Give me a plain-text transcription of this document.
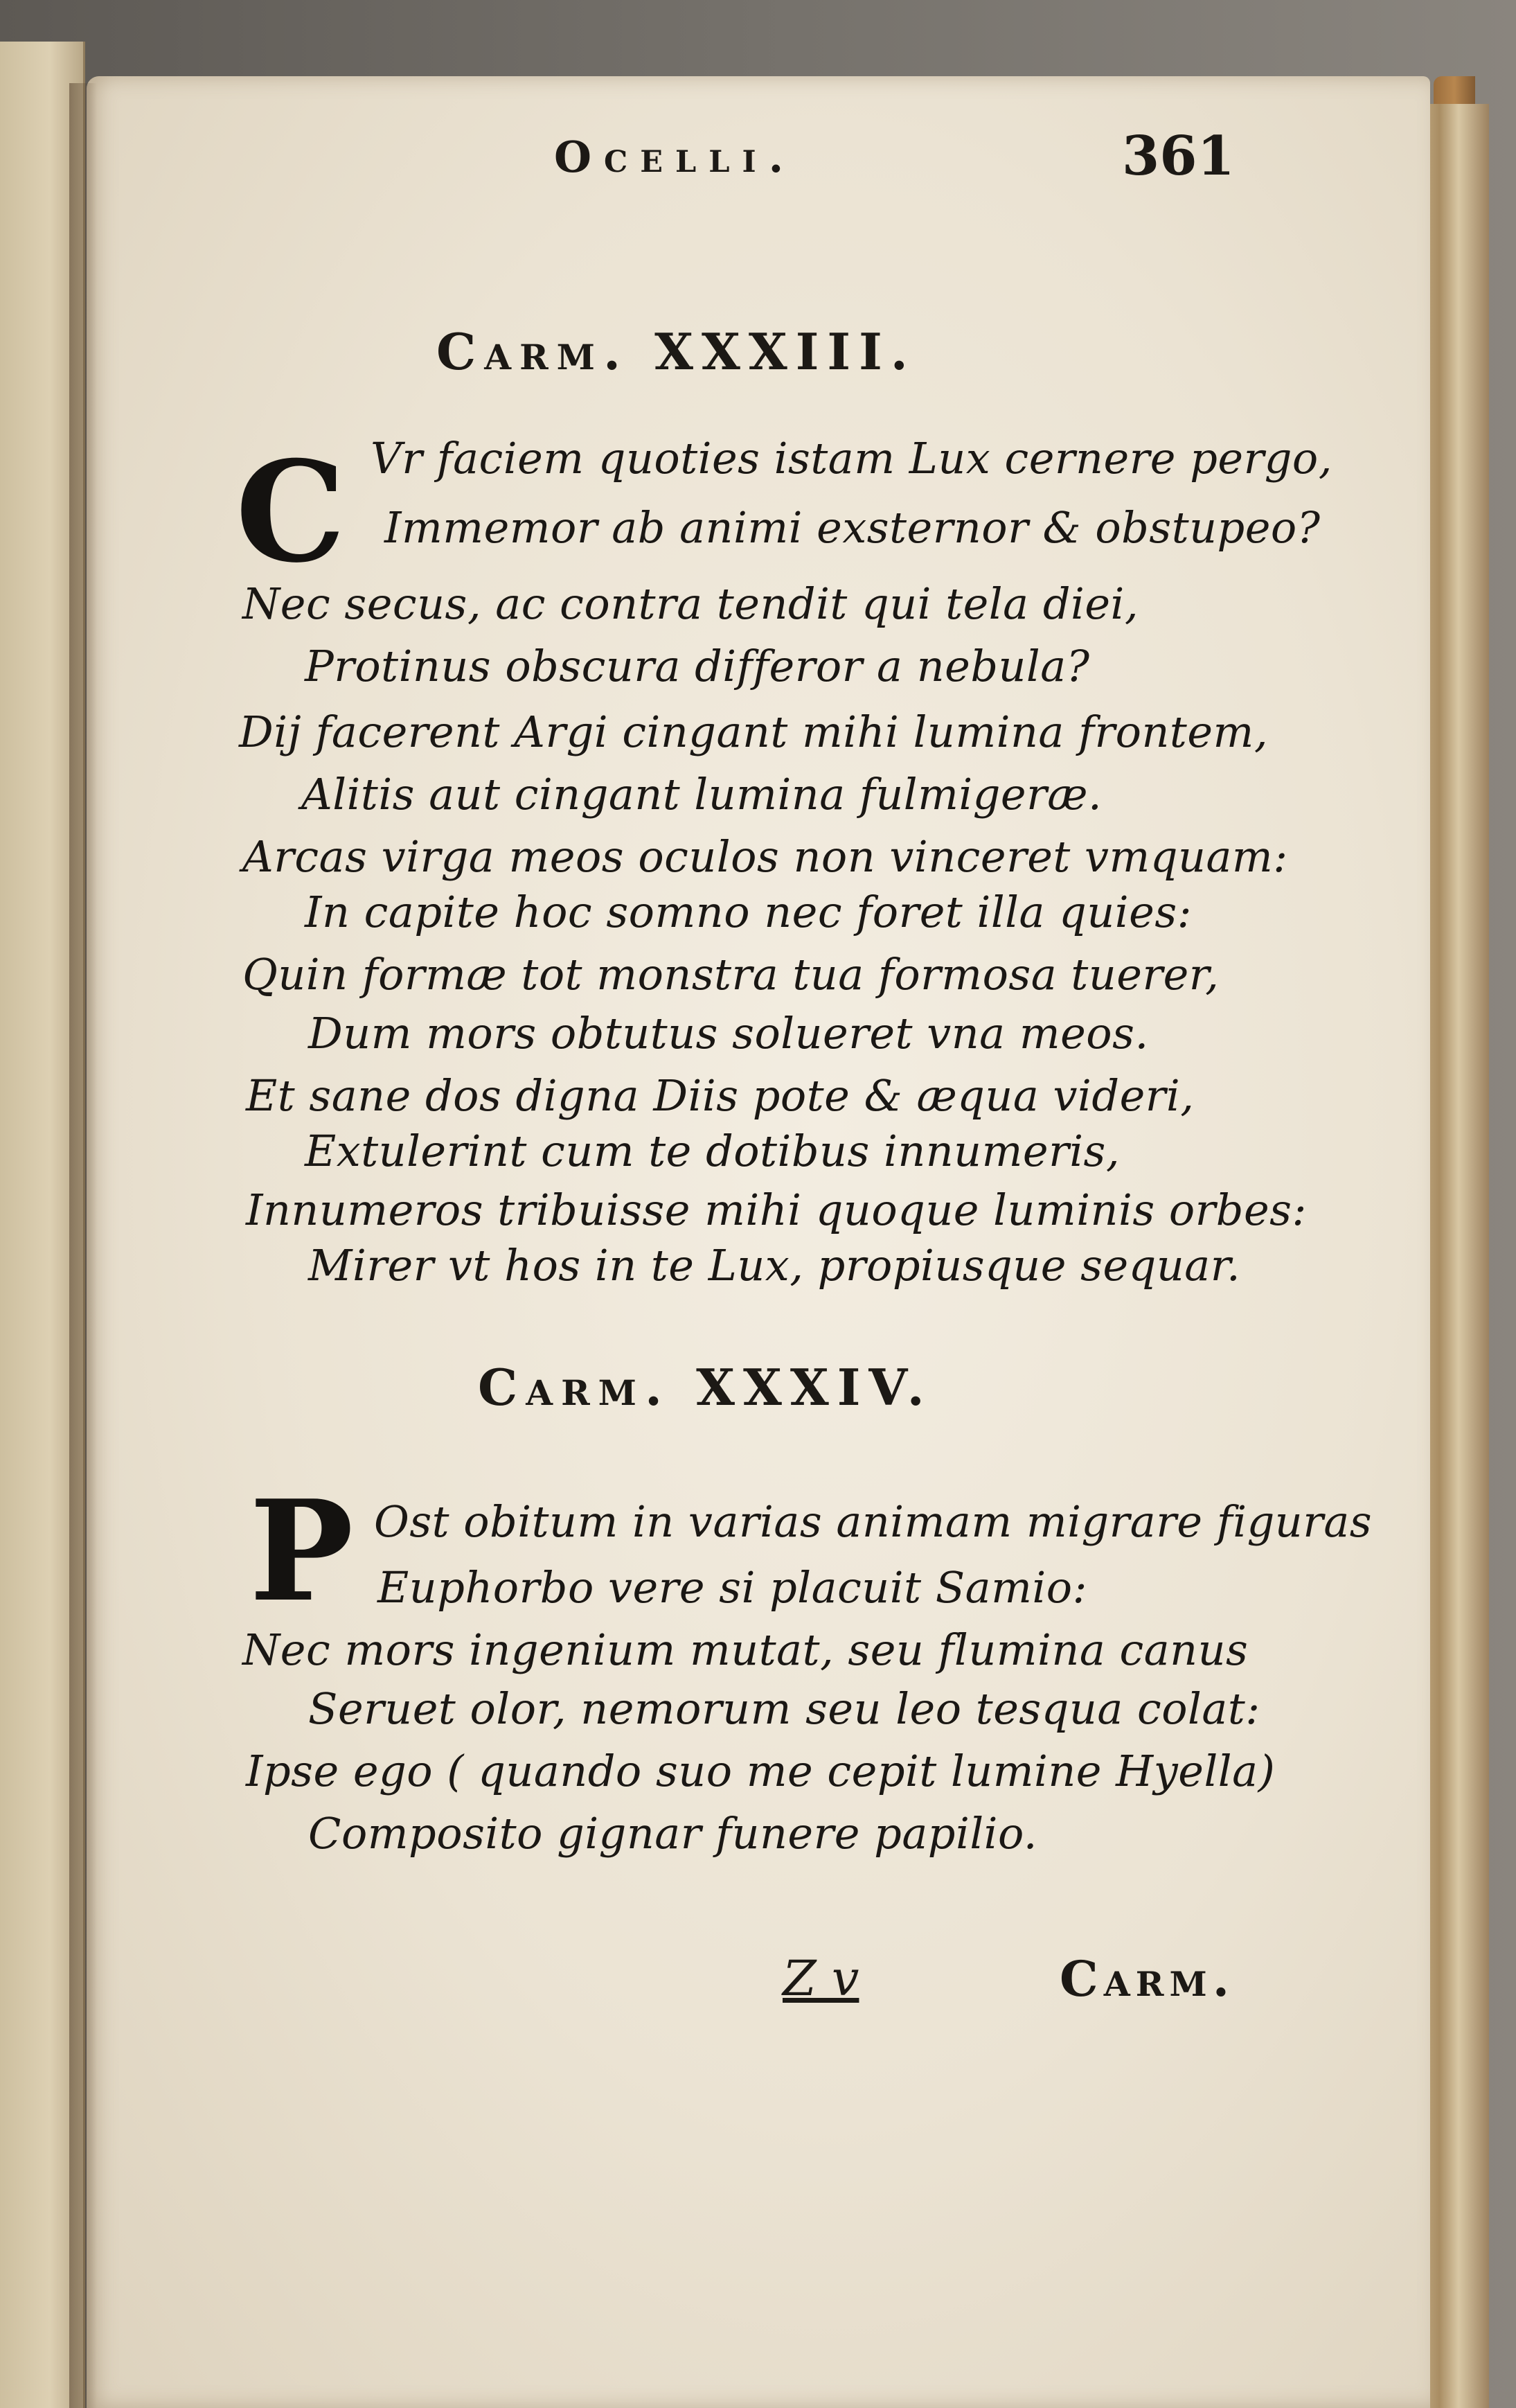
Ocelli.	361
Carm. XXXIII.
C Vr faciem quoties istam Lux cernere pergo,
Immemor ab animi exsternor & obstupeo?
Nec secus, ac contra tendit qui tela diei,
Protinus obscura differor a nebula?
Dij facerent Argi cingant mihi lumina frontem,
Alitis aut cingant lumina fulmigeræ.
Arcas virga meos oculos non vinceret vmquam:
In capite hoc somno nec foret illa quies:
Quin formæ tot monstra tua formosa tuerer,
Dum mors obtutus solueret vna meos.
Et sane dos digna Diis pote & æqua videri,
Extulerint cum te dotibus innumeris,
Innumeros tribuisse mihi quoque luminis orbes:
Mirer vt hos in te Lux, propiusque sequar.
Carm. XXXIV.
P Ost obitum in varias animam migrare figuras
Euphorbo vere si placuit Samio:
Nec mors ingenium mutat, seu flumina canus
Seruet olor, nemorum seu leo tesqua colat:
Ipse ego ( quando suo me cepit lumine Hyella)
Composito gignar funere papilio.
Z v	Carm.
